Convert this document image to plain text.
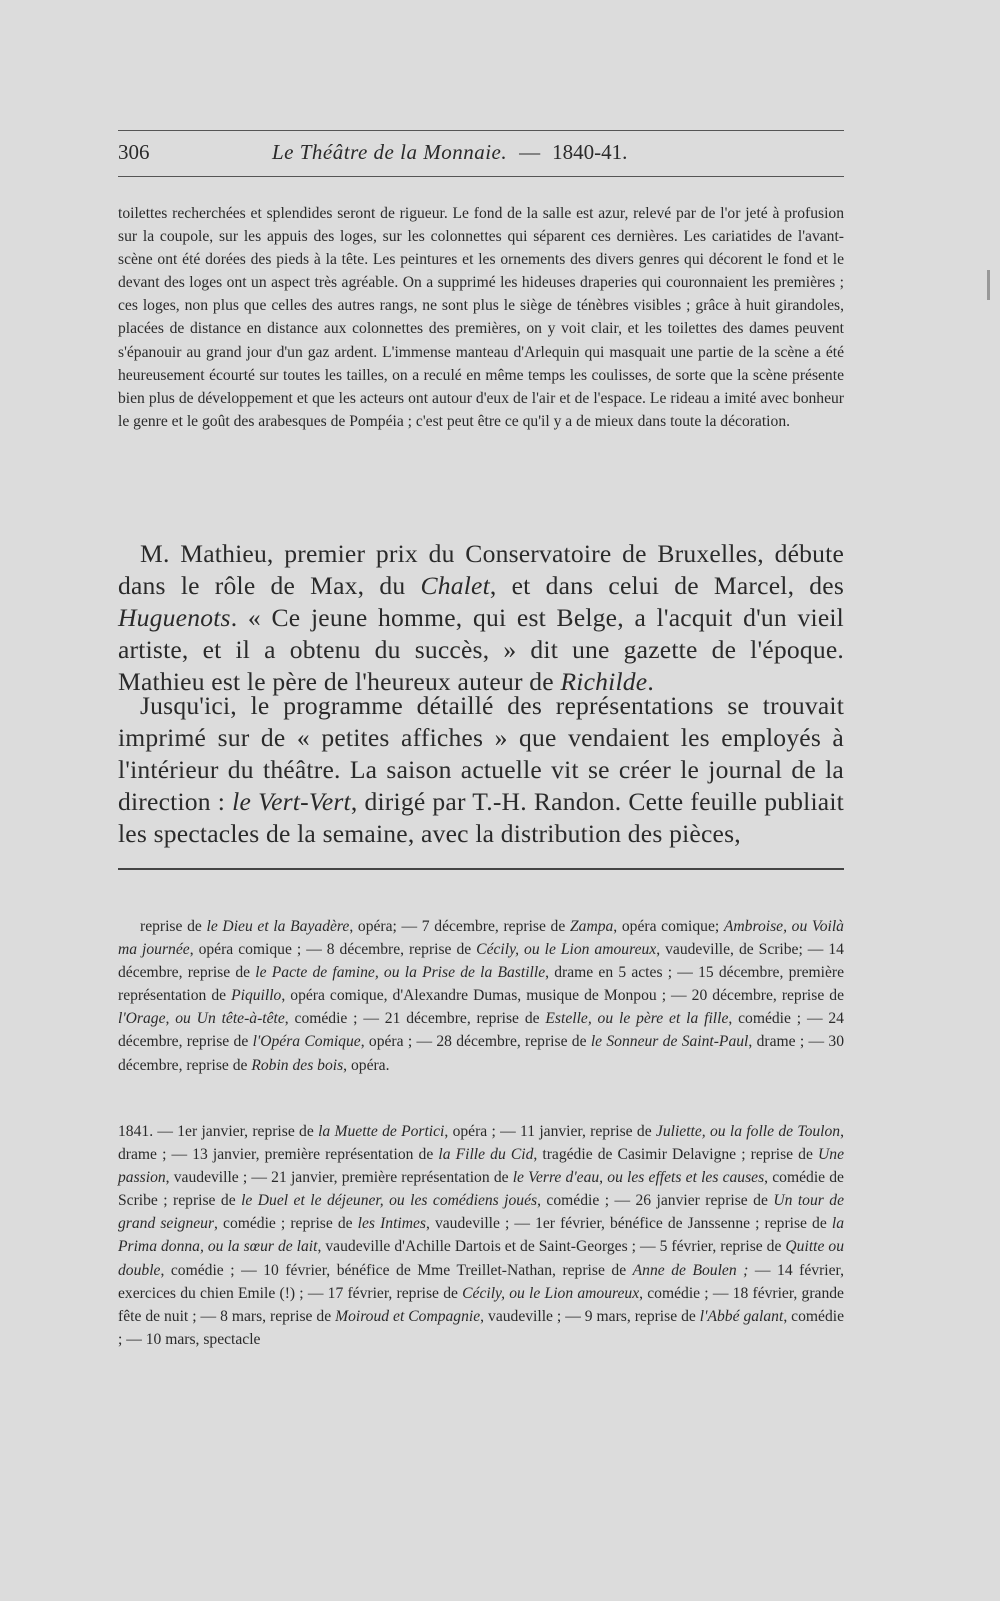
306	Le Théâtre de la Monnaie. — 1840-41.

toilettes recherchées et splendides seront de rigueur. Le fond de la salle est azur, relevé par de l'or jeté à profusion sur la coupole, sur les appuis des loges, sur les colonnettes qui séparent ces dernières. Les cariatides de l'avant-scène ont été dorées des pieds à la tête. Les peintures et les ornements des divers genres qui décorent le fond et le devant des loges ont un aspect très agréable. On a supprimé les hideuses draperies qui couronnaient les premières ; ces loges, non plus que celles des autres rangs, ne sont plus le siège de ténèbres visibles ; grâce à huit girandoles, placées de distance en distance aux colonnettes des premières, on y voit clair, et les toilettes des dames peuvent s'épanouir au grand jour d'un gaz ardent. L'immense manteau d'Arlequin qui masquait une partie de la scène a été heureusement écourté sur toutes les tailles, on a reculé en même temps les coulisses, de sorte que la scène présente bien plus de développement et que les acteurs ont autour d'eux de l'air et de l'espace. Le rideau a imité avec bonheur le genre et le goût des arabesques de Pompéia ; c'est peut être ce qu'il y a de mieux dans toute la décoration.

M. Mathieu, premier prix du Conservatoire de Bruxelles, débute dans le rôle de Max, du Chalet, et dans celui de Marcel, des Huguenots. « Ce jeune homme, qui est Belge, a l'acquit d'un vieil artiste, et il a obtenu du succès, » dit une gazette de l'époque. Mathieu est le père de l'heureux auteur de Richilde.

Jusqu'ici, le programme détaillé des représentations se trouvait imprimé sur de « petites affiches » que vendaient les employés à l'intérieur du théâtre. La saison actuelle vit se créer le journal de la direction : le Vert-Vert, dirigé par T.-H. Randon. Cette feuille publiait les spectacles de la semaine, avec la distribution des pièces,

reprise de le Dieu et la Bayadère, opéra; — 7 décembre, reprise de Zampa, opéra comique; Ambroise, ou Voilà ma journée, opéra comique ; — 8 décembre, reprise de Cécily, ou le Lion amoureux, vaudeville, de Scribe; — 14 décembre, reprise de le Pacte de famine, ou la Prise de la Bastille, drame en 5 actes ; — 15 décembre, première représentation de Piquillo, opéra comique, d'Alexandre Dumas, musique de Monpou ; — 20 décembre, reprise de l'Orage, ou Un tête-à-tête, comédie ; — 21 décembre, reprise de Estelle, ou le père et la fille, comédie ; — 24 décembre, reprise de l'Opéra Comique, opéra ; — 28 décembre, reprise de le Sonneur de Saint-Paul, drame ; — 30 décembre, reprise de Robin des bois, opéra.

1841. — 1er janvier, reprise de la Muette de Portici, opéra ; — 11 janvier, reprise de Juliette, ou la folle de Toulon, drame ; — 13 janvier, première représentation de la Fille du Cid, tragédie de Casimir Delavigne ; reprise de Une passion, vaudeville ; — 21 janvier, première représentation de le Verre d'eau, ou les effets et les causes, comédie de Scribe ; reprise de le Duel et le déjeuner, ou les comédiens joués, comédie ; — 26 janvier reprise de Un tour de grand seigneur, comédie ; reprise de les Intimes, vaudeville ; — 1er février, bénéfice de Janssenne ; reprise de la Prima donna, ou la sœur de lait, vaudeville d'Achille Dartois et de Saint-Georges ; — 5 février, reprise de Quitte ou double, comédie ; — 10 février, bénéfice de Mme Treillet-Nathan, reprise de Anne de Boulen ; — 14 février, exercices du chien Emile (!) ; — 17 février, reprise de Cécily, ou le Lion amoureux, comédie ; — 18 février, grande fête de nuit ; — 8 mars, reprise de Moiroud et Compagnie, vaudeville ; — 9 mars, reprise de l'Abbé galant, comédie ; — 10 mars, spectacle
